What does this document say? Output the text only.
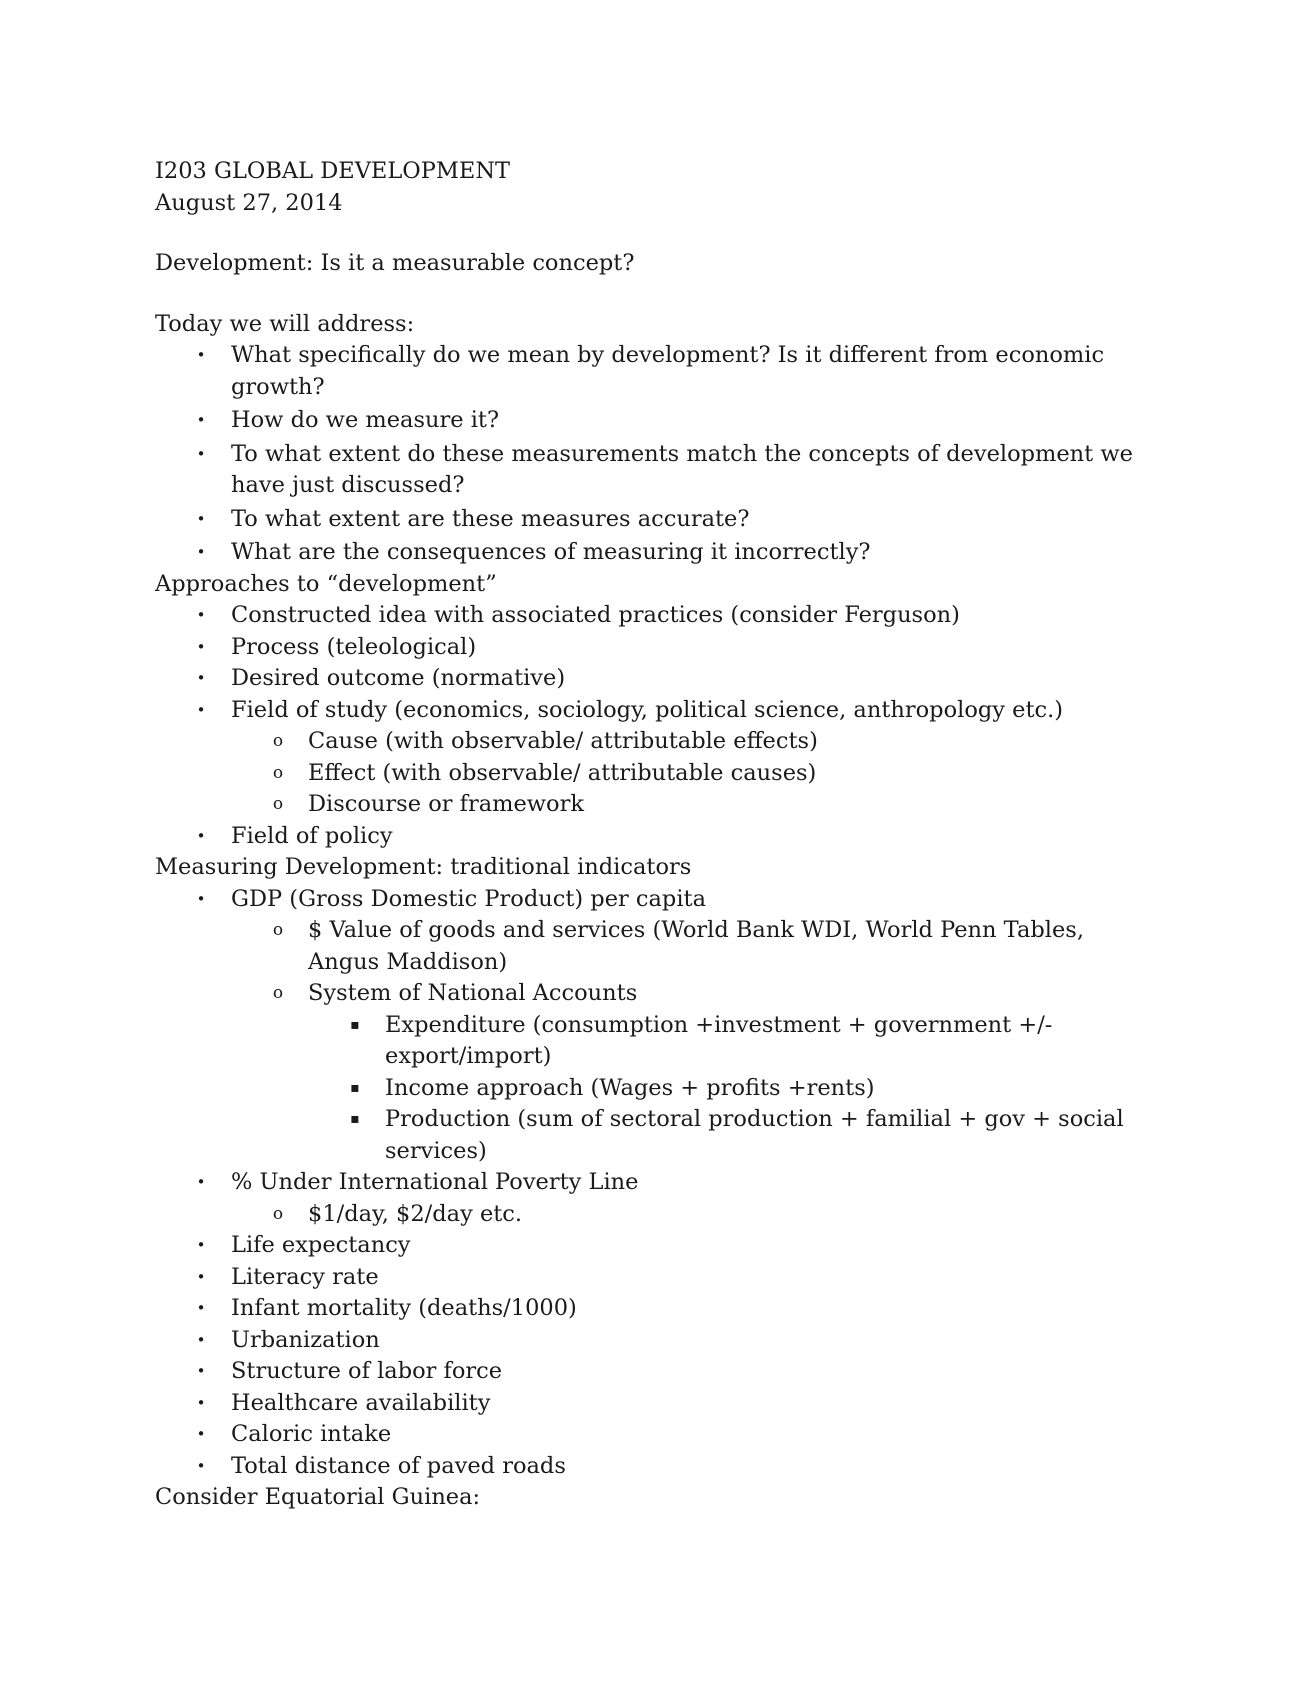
I203 GLOBAL DEVELOPMENT

August 27, 2014

Development: Is it a measurable concept?

Today we will address:

• What specifically do we mean by development? Is it different from economic growth?
• How do we measure it?
• To what extent do these measurements match the concepts of development we have just discussed?
• To what extent are these measures accurate?
• What are the consequences of measuring it incorrectly?

Approaches to “development”

• Constructed idea with associated practices (consider Ferguson)
• Process (teleological)
• Desired outcome (normative)
• Field of study (economics, sociology, political science, anthropology etc.)
o Cause (with observable/ attributable effects)
o Effect (with observable/ attributable causes)
o Discourse or framework
• Field of policy

Measuring Development: traditional indicators

• GDP (Gross Domestic Product) per capita
o $ Value of goods and services (World Bank WDI, World Penn Tables, Angus Maddison)
o System of National Accounts
▪ Expenditure (consumption +investment + government +/- export/import)
▪ Income approach (Wages + profits +rents)
▪ Production (sum of sectoral production + familial + gov + social services)
• % Under International Poverty Line
o $1/day, $2/day etc.
• Life expectancy
• Literacy rate
• Infant mortality (deaths/1000)
• Urbanization
• Structure of labor force
• Healthcare availability
• Caloric intake
• Total distance of paved roads

Consider Equatorial Guinea:
